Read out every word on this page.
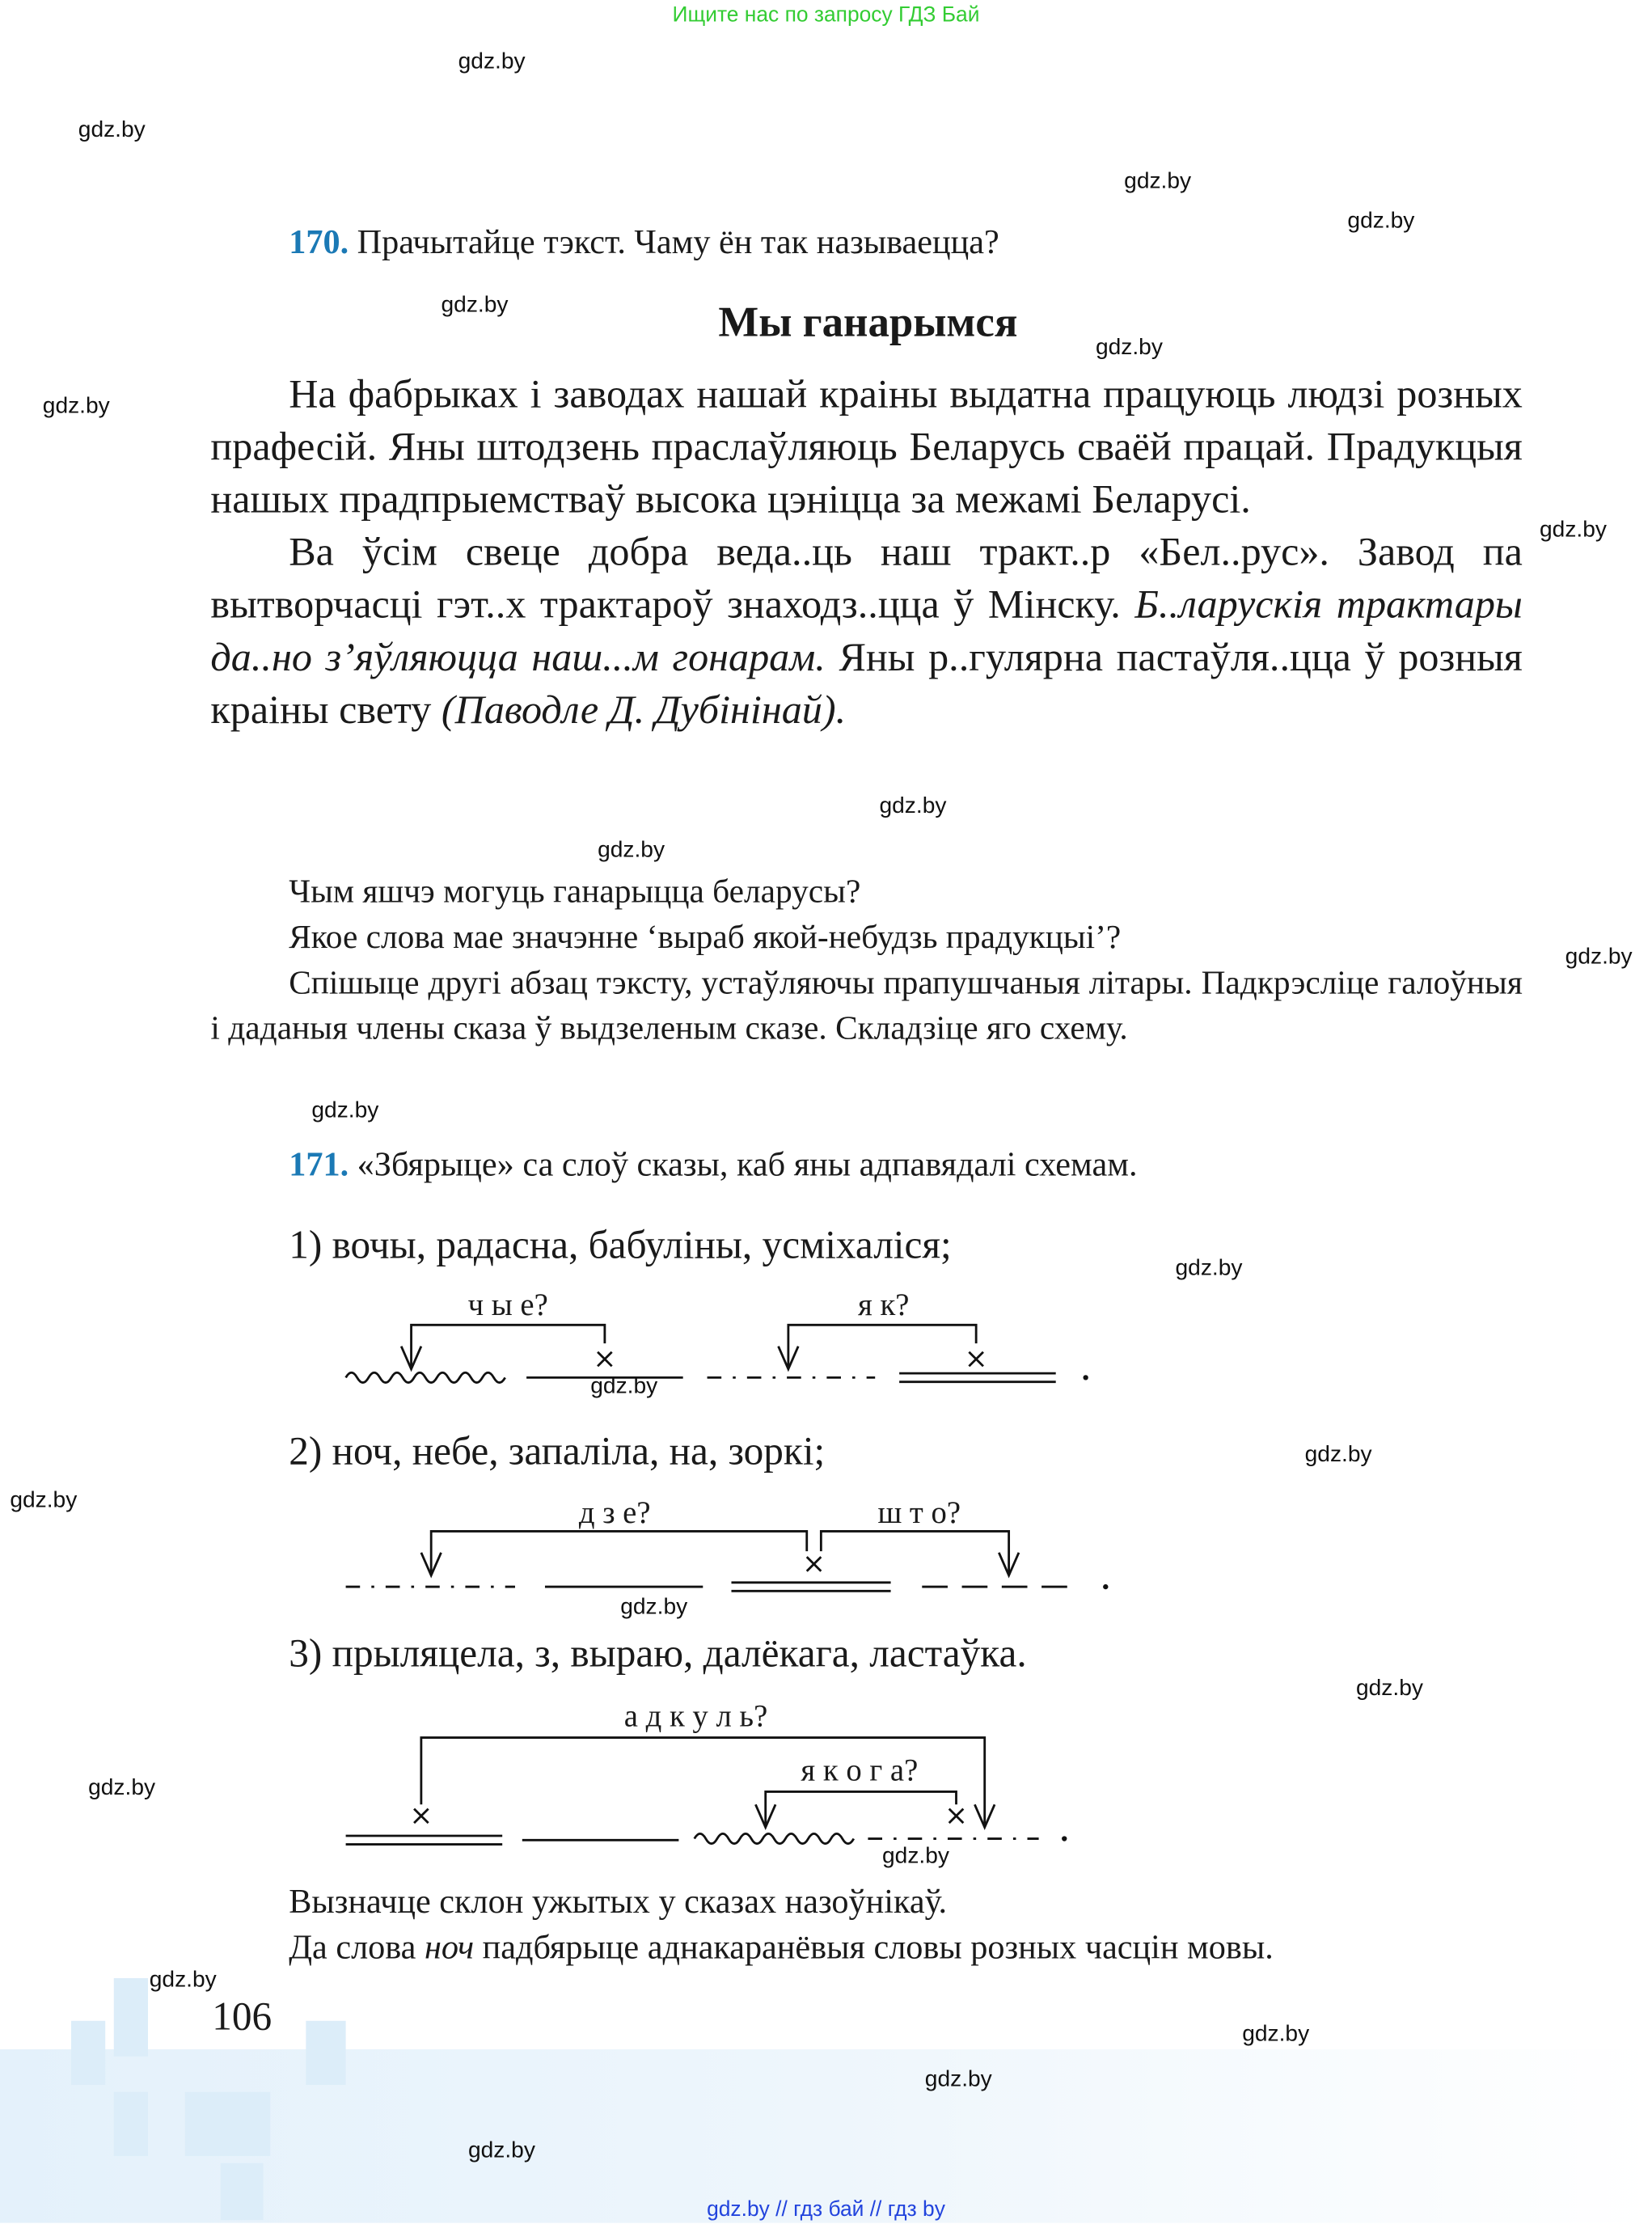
Ищите нас по запросу ГДЗ Бай
170. Прачытайце тэкст. Чаму ён так называецца?
Мы ганарымся

На фабрыках і заводах нашай краіны выдатна працуюць людзі розных прафесій. Яны штодзень праслаўляюць Беларусь сваёй працай. Прадукцыя нашых прадпрыемстваў высока цэніцца за межамі Беларусі.

Ва ўсім свеце добра веда..ць наш тракт..р «Бел..рус». Завод па вытворчасці гэт..х трактароў знаходз..цца ў Мінску. Б..ларускія трактары да..но з’яўляюцца наш...м гонарам. Яны р..гулярна пастаўля..цца ў розныя краіны свету (Паводле Д. Дубінінай).

Чым яшчэ могуць ганарыцца беларусы?

Якое слова мае значэнне ‘выраб якой-небудзь прадукцыі’?

Спішыце другі абзац тэксту, устаўляючы прапушчаныя літары. Падкрэсліце галоўныя і даданыя члены сказа ў выдзеленым сказе. Складзіце яго схему.

171. «Збярыце» са слоў сказы, каб яны адпавядалі схемам.
1) вочы, радасна, бабуліны, усміхаліся;
2) ноч, небе, запаліла, на, зоркі;
3) прыляцела, з, выраю, далёкага, ластаўка.
ч ы е?	я к?
д з е?	ш т о?
а д к у л ь?
я к о г а?
Вызначце склон ужытых у сказах назоўнікаў.
Да слова ноч падбярыце аднакаранёвыя словы розных часцін мовы.
106
gdz.by
gdz.by
gdz.by
gdz.by
gdz.by
gdz.by
gdz.by
gdz.by
gdz.by
gdz.by
gdz.by
gdz.by
gdz.by
gdz.by
gdz.by
gdz.by
gdz.by
gdz.by
gdz.by
gdz.by
gdz.by
gdz.by
gdz.by
gdz.by
gdz.by // гдз бай // гдз by
